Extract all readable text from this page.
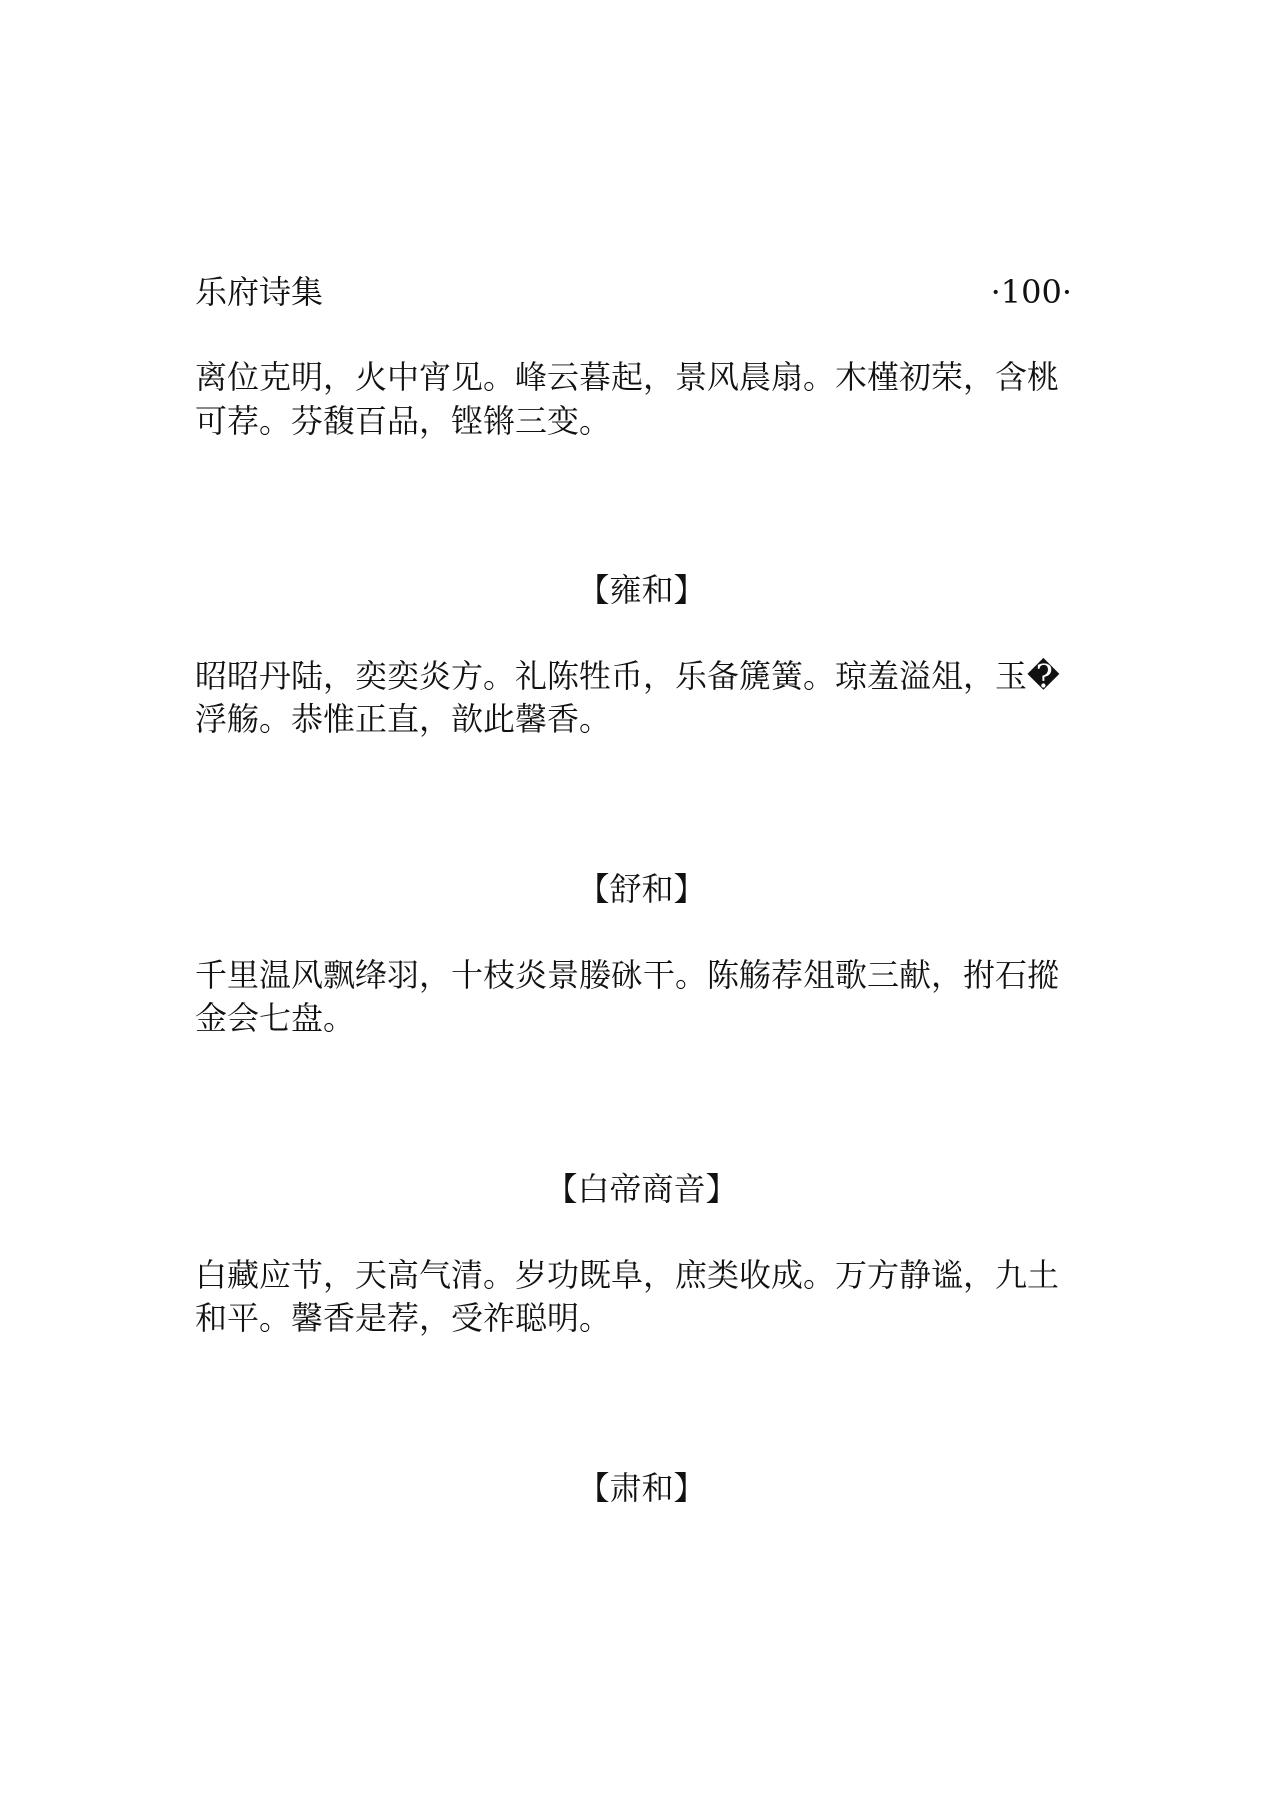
乐府诗集	·100·
离位克明，火中宵见。峰云暮起，景风晨扇。木槿初荣，含桃
可荐。芬馥百品，铿锵三变。
【雍和】
昭昭丹陆，奕奕炎方。礼陈牲币，乐备篪簧。琼羞溢俎，玉�
浮觞。恭惟正直，歆此馨香。
【舒和】
千里温风飘绛羽，十枝炎景媵砯干。陈觞荐俎歌三献，拊石摐
金会七盘。
【白帝商音】
白藏应节，天高气清。岁功既阜，庶类收成。万方静谧，九土
和平。馨香是荐，受祚聪明。
【肃和】
